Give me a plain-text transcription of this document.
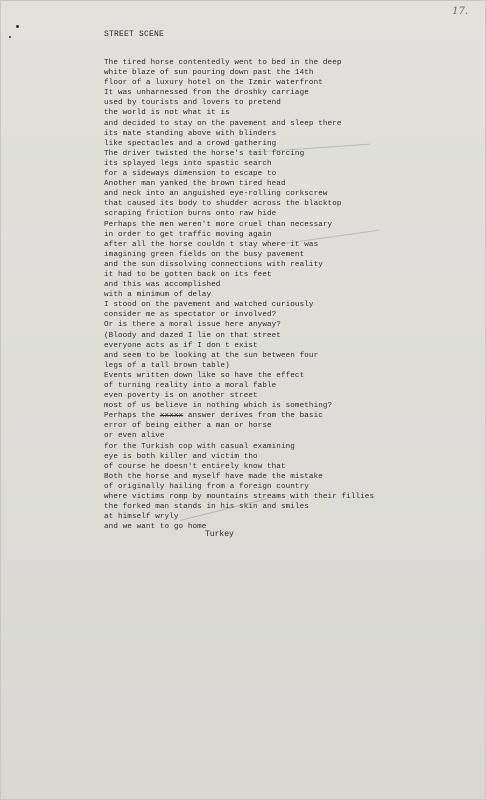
17.
STREET SCENE
The tired horse contentedly went to bed in the deep
white blaze of sun pouring down past the 14th
floor of a luxury hotel on the Izmir waterfront
It was unharnessed from the droshky carriage
used by tourists and lovers to pretend
the world is not what it is
and decided to stay on the pavement and sleep there
its mate standing above with blinders
like spectacles and a crowd gathering
The driver twisted the horse's tail forcing
its splayed legs into spastic search
for a sideways dimension to escape to
Another man yanked the brown tired head
and neck into an anguished eye-rolling corkscrew
that caused its body to shudder across the blacktop
scraping friction burns onto raw hide
Perhaps the men weren't more cruel than necessary
in order to get traffic moving again
after all the horse couldn t stay where it was
imagining green fields on the busy pavement
and the sun dissolving connections with reality
it had to be gotten back on its feet
and this was accomplished
with a minimum of delay
I stood on the pavement and watched curiously
consider me as spectator or involved?
Or is there a moral issue here anyway?
(Bloody and dazed I lie on that street
everyone acts as if I don t exist
and seem to be looking at the sun between four
legs of a tall brown table)
Events written down like so have the effect
of turning reality into a moral fable
even poverty is on another street
most of us believe in nothing which is something?
Perhaps the xxxxx answer derives from the basic
error of being either a man or horse
or even alive
for the Turkish cop with casual examining
eye is both killer and victim tho
of course he doesn't entirely know that
Both the horse and myself have made the mistake
of originally hailing from a foreign country
where victims romp by mountains streams with their fillies
the forked man stands in his skin and smiles
at himself wryly
and we want to go home
Turkey
